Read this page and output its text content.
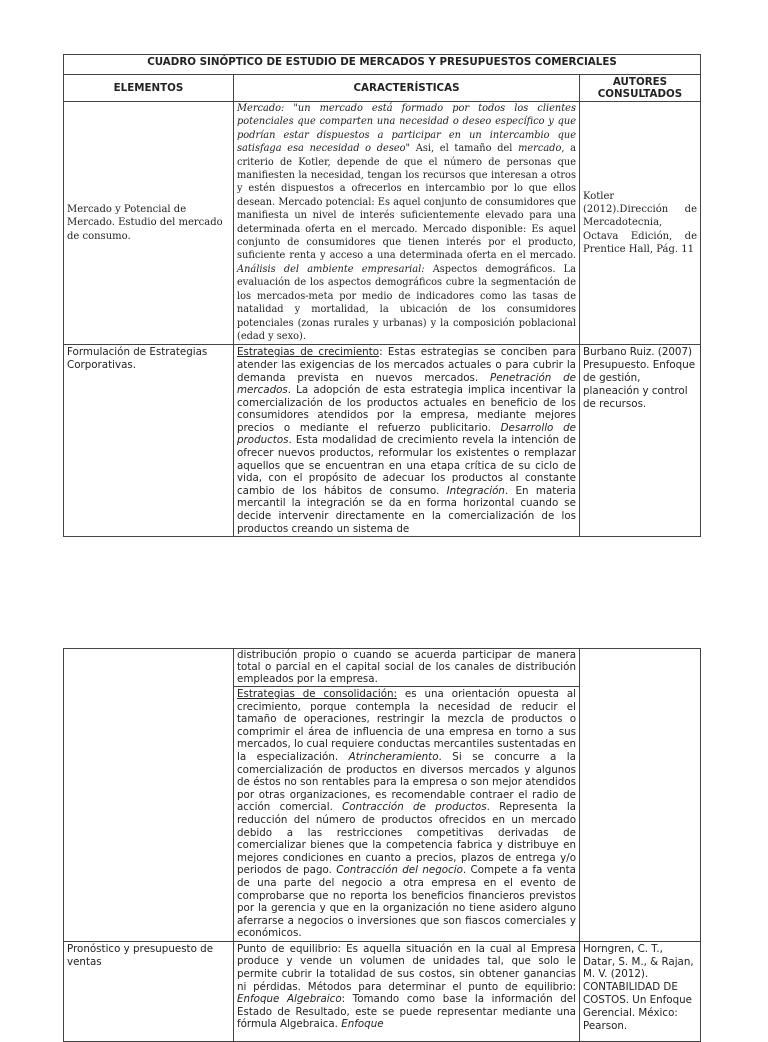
CUADRO SINÓPTICO DE ESTUDIO DE MERCADOS Y PRESUPUESTOS COMERCIALES		
ELEMENTOS	CARACTERÍSTICAS	AUTORES CONSULTADOS
Mercado y Potencial de Mercado. Estudio del mercado de consumo.	Mercado: "un mercado está formado por todos los clientes potenciales que comparten una necesidad o deseo específico y que podrían estar dispuestos a participar en un intercambio que satisfaga esa necesidad o deseo" Asi, el tamaño del mercado, a criterio de Kotler, depende de que el número de personas que manifiesten la necesidad, tengan los recursos que interesan a otros y estén dispuestos a ofrecerlos en intercambio por lo que ellos desean. Mercado potencial: Es aquel conjunto de consumidores que manifiesta un nivel de interés suficientemente elevado para una determinada oferta en el mercado. Mercado disponible: Es aquel conjunto de consumidores que tienen interés por el producto, suficiente renta y acceso a una determinada oferta en el mercado. Análisis del ambiente empresarial: Aspectos demográficos. La evaluación de los aspectos demográficos cubre la segmentación de los mercados-meta por medio de indicadores como las tasas de natalidad y mortalidad, la ubicación de los consumidores potenciales (zonas rurales y urbanas) y la composición poblacional (edad y sexo).	Kotler (2012).Dirección de Mercadotecnia, Octava Edición, de Prentice Hall, Pág. 11
Formulación de Estrategias Corporativas.	Estrategias de crecimiento: Estas estrategias se conciben para atender las exigencias de los mercados actuales o para cubrir la demanda prevista en nuevos mercados. Penetración de mercados. La adopción de esta estrategia implica incentivar la comercialización de los productos actuales en beneficio de los consumidores atendidos por la empresa, mediante mejores precios o mediante el refuerzo publicitario. Desarrollo de productos. Esta modalidad de crecimiento revela la intención de ofrecer nuevos productos, reformular los existentes o remplazar aquellos que se encuentran en una etapa crítica de su ciclo de vida, con el propósito de adecuar los productos al constante cambio de los hábitos de consumo. Integración. En materia mercantil la integración se da en forma horizontal cuando se decide intervenir directamente en la comercialización de los productos creando un sistema de	Burbano Ruiz. (2007) Presupuesto. Enfoque de gestión, planeación y control de recursos.
	distribución propio o cuando se acuerda participar de manera total o parcial en el capital social de los canales de distribución empleados por la empresa.	
	Estrategias de consolidación: es una orientación opuesta al crecimiento, porque contempla la necesidad de reducir el tamaño de operaciones, restringir la mezcla de productos o comprimir el área de influencia de una empresa en torno a sus mercados, lo cual requiere conductas mercantiles sustentadas en la especialización. Atrincheramiento. Si se concurre a la comercialización de productos en diversos mercados y algunos de éstos no son rentables para la empresa o son mejor atendidos por otras organizaciones, es recomendable contraer el radio de acción comercial. Contracción de productos. Representa la reducción del número de productos ofrecidos en un mercado debido a las restricciones competitivas derivadas de comercializar bienes que la competencia fabrica y distribuye en mejores condiciones en cuanto a precios, plazos de entrega y/o periodos de pago. Contracción del negocio. Compete a fa venta de una parte del negocio a otra empresa en el evento de comprobarse que no reporta los beneficios financieros previstos por la gerencia y que en la organización no tiene asidero alguno aferrarse a negocios o inversiones que son fiascos comerciales y económicos.	
Pronóstico y presupuesto de ventas	Punto de equilibrio: Es aquella situación en la cual al Empresa produce y vende un volumen de unidades tal, que solo le permite cubrir la totalidad de sus costos, sin obtener ganancias ni pérdidas. Métodos para determinar el punto de equilibrio: Enfoque Algebraico: Tomando como base la información del Estado de Resultado, este se puede representar mediante una fórmula Algebraica. Enfoque	Horngren, C. T., Datar, S. M., & Rajan, M. V. (2012). CONTABILIDAD DE COSTOS. Un Enfoque Gerencial. México: Pearson.
